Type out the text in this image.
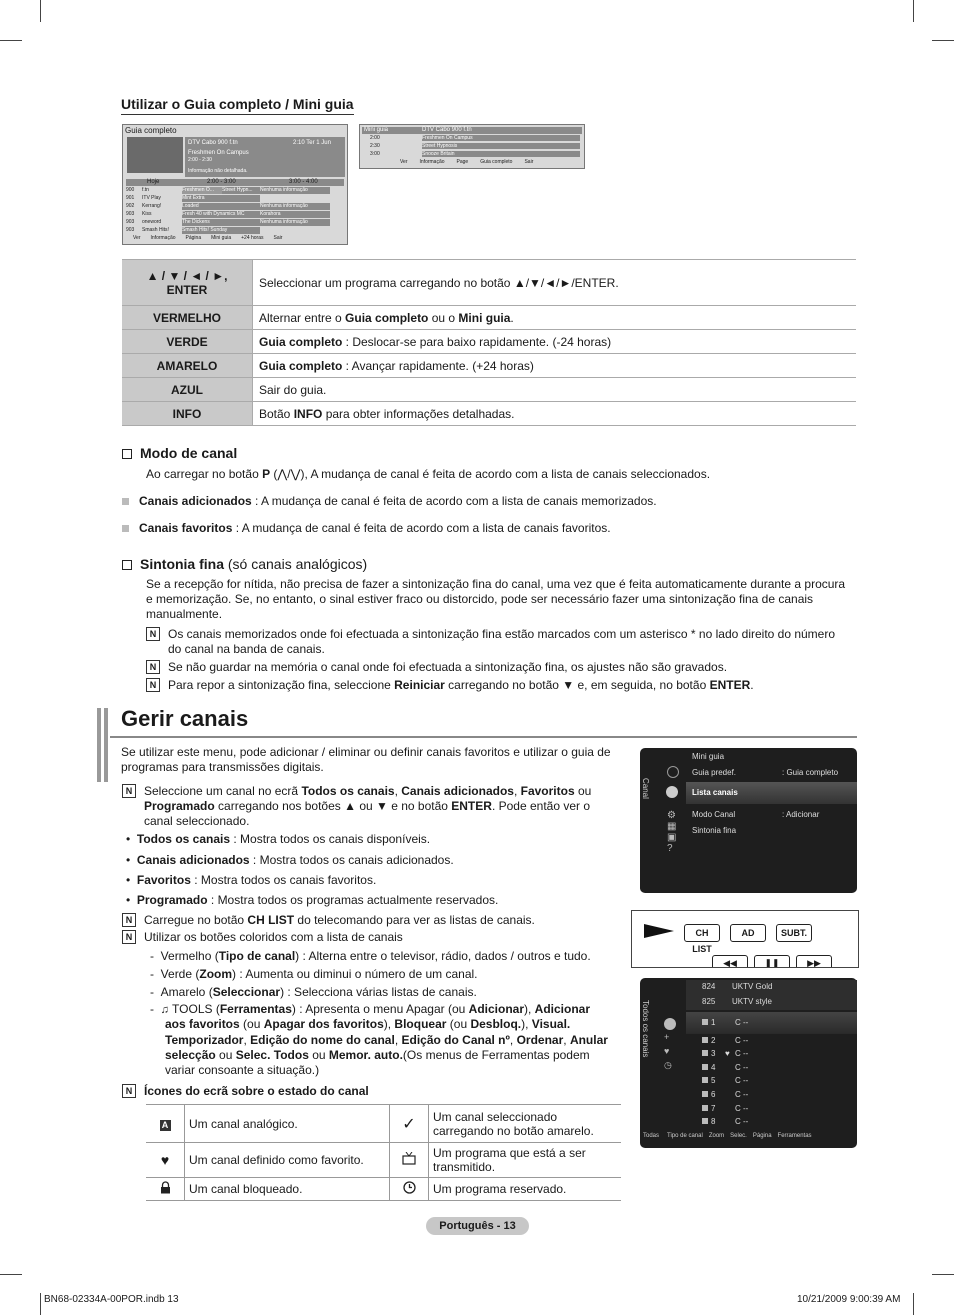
Utilizar o Guia completo / Mini guia
Guia completo
DTV Cabo 900 f.tn	2:10 Ter 1 Jun
Freshmen On Campus
2:00 - 2:30
Informação não detalhada.
Hoje	2:00 - 3:00	3:00 - 4:00
900 f.tn	Freshmen O... Street Hypn... Nenhuma informação
901 ITV Play	Mint Extra
902 Kerrang!	Loaded	Nenhuma informação
903 Kiss	Fresh 40 with Dynamics MC	Korahora
903 oneword	The Dickens	Nenhuma informação
903 Smash Hits!	Smash Hits! Sunday
Ver Informação Página Mini guia +24 horas Sair
Mini guia	DTV Cabo 900 f.tn
2:00	Freshmen On Campus
2:30	Street Hypnosis
3:00	Snooze Britain
Ver Informação Page Guia completo Sair
▲ / ▼ / ◄ / ►, ENTER	Seleccionar um programa carregando no botão ▲/▼/◄/►/ENTER.
VERMELHO	Alternar entre o Guia completo ou o Mini guia.
VERDE	Guia completo : Deslocar-se para baixo rapidamente. (-24 horas)
AMARELO	Guia completo : Avançar rapidamente. (+24 horas)
AZUL	Sair do guia.
INFO	Botão INFO para obter informações detalhadas.
Modo de canal
Ao carregar no botão P (⋀/⋁), A mudança de canal é feita de acordo com a lista de canais seleccionados.
Canais adicionados : A mudança de canal é feita de acordo com a lista de canais memorizados.
Canais favoritos : A mudança de canal é feita de acordo com a lista de canais favoritos.
Sintonia fina (só canais analógicos)
Se a recepção for nítida, não precisa de fazer a sintonização fina do canal, uma vez que é feita automaticamente durante a procura e memorização. Se, no entanto, o sinal estiver fraco ou distorcido, pode ser necessário fazer uma sintonização fina de canais manualmente.
N Os canais memorizados onde foi efectuada a sintonização fina estão marcados com um asterisco * no lado direito do número do canal na banda de canais.
N Se não guardar na memória o canal onde foi efectuada a sintonização fina, os ajustes não são gravados.
N Para repor a sintonização fina, seleccione Reiniciar carregando no botão ▼ e, em seguida, no botão ENTER.
Gerir canais
Se utilizar este menu, pode adicionar / eliminar ou definir canais favoritos e utilizar o guia de programas para transmissões digitais.
N Seleccione um canal no ecrã Todos os canais, Canais adicionados, Favoritos ou Programado carregando nos botões ▲ ou ▼ e no botão ENTER. Pode então ver o canal seleccionado.
•  Todos os canais : Mostra todos os canais disponíveis.
•  Canais adicionados : Mostra todos os canais adicionados.
•  Favoritos : Mostra todos os canais favoritos.
•  Programado : Mostra todos os programas actualmente reservados.
N Carregue no botão CH LIST do telecomando para ver as listas de canais.
N Utilizar os botões coloridos com a lista de canais
-  Vermelho (Tipo de canal) : Alterna entre o televisor, rádio, dados / outros e tudo.
-  Verde (Zoom) : Aumenta ou diminui o número de um canal.
-  Amarelo (Seleccionar) : Selecciona várias listas de canais.
-  ♫ TOOLS (Ferramentas) : Apresenta o menu Apagar (ou Adicionar), Adicionar
aos favoritos (ou Apagar dos favoritos), Bloquear (ou Desbloq.), Visual.
Temporizador, Edição do nome do canal, Edição do Canal nº, Ordenar, Anular
selecção ou Selec. Todos ou Memor. auto.(Os menus de Ferramentas podem
variar consoante a situação.)
N Ícones do ecrã sobre o estado do canal
A	Um canal analógico.	✓	Um canal seleccionado carregando no botão amarelo.
♥	Um canal definido como favorito.		Um programa que está a ser transmitido.
	Um canal bloqueado.		Um programa reservado.
Canal
⚙
▦
▣
?
Mini guia
Guia predef.	: Guia completo
Lista canais
Modo Canal	: Adicionar
Sintonia fina
CH LIST
AD	SUBT.
◀◀	❚❚	▶▶
Todos os canais
824 UKTV Gold
825 UKTV style
+
♥
◷
1 C --
2 C --
3 ♥ C --
4 C --
5 C --
6 C --
7 C --
8 C --
Todas Tipo de canal Zoom Selec. Página Ferramentas
Português - 13
BN68-02334A-00POR.indb 13	10/21/2009 9:00:39 AM
